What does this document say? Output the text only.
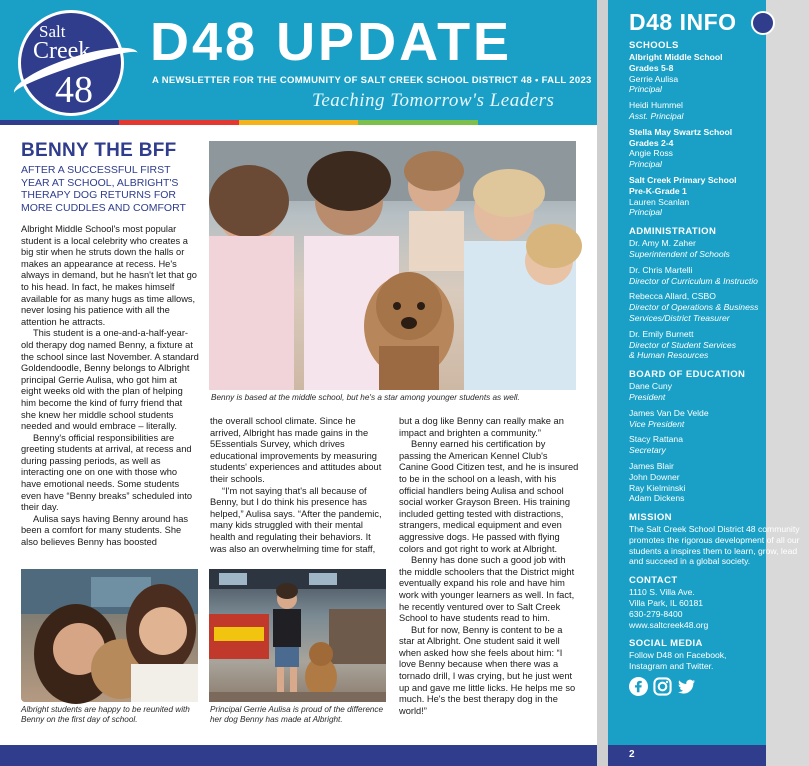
Salt
Creek
48
D48 UPDATE
A NEWSLETTER FOR THE COMMUNITY OF SALT CREEK SCHOOL DISTRICT 48 • FALL 2023
Teaching Tomorrow's Leaders
BENNY THE BFF
AFTER A SUCCESSFUL FIRST YEAR AT SCHOOL, ALBRIGHT'S THERAPY DOG RETURNS FOR MORE CUDDLES AND COMFORT

Albright Middle School's most popular student is a local celebrity who creates a big stir when he struts down the halls or makes an appearance at recess. He's always in demand, but he hasn't let that go to his head. In fact, he makes himself available for as many hugs as time allows, never losing his patience with all the attention he attracts.

This student is a one-and-a-half-year-old therapy dog named Benny, a fixture at the school since last November. A standard Goldendoodle, Benny belongs to Albright principal Gerrie Aulisa, who got him at eight weeks old with the plan of helping him become the kind of furry friend that she knew her middle school students needed and would embrace – literally.

Benny's official responsibilities are greeting students at arrival, at recess and during passing periods, as well as interacting one on one with those who have emotional needs. Some students even have “Benny breaks” scheduled into their day.

Aulisa says having Benny around has been a comfort for many students. She also believes Benny has boosted

Benny is based at the middle school, but he's a star among younger students as well.

the overall school climate. Since he arrived, Albright has made gains in the 5Essentials Survey, which drives educational improvements by measuring students' experiences and attitudes about their schools.

“I'm not saying that's all because of Benny, but I do think his presence has helped,” Aulisa says. “After the pandemic, many kids struggled with their mental health and regulating their behaviors. It was also an overwhelming time for staff,

but a dog like Benny can really make an impact and brighten a community.”

Benny earned his certification by passing the American Kennel Club's Canine Good Citizen test, and he is insured to be in the school on a leash, with his official handlers being Aulisa and school social worker Grayson Breen. His training included getting tested with distractions, strangers, medical equipment and even aggressive dogs. He passed with flying colors and got right to work at Albright.

Benny has done such a good job with the middle schoolers that the District might eventually expand his role and have him work with younger learners as well. In fact, he recently ventured over to Salt Creek School to have students read to him.

But for now, Benny is content to be a star at Albright. One student said it well when asked how she feels about him: “I love Benny because when there was a tornado drill, I was crying, but he just went up and gave me little licks. He helps me so much. He's the best therapy dog in the world!”

Albright students are happy to be reunited with Benny on the first day of school.
Principal Gerrie Aulisa is proud of the difference her dog Benny has made at Albright.
D48 INFO
SCHOOLS
Albright Middle School
Grades 5-8
Gerrie Aulisa
Principal
Heidi Hummel
Asst. Principal
Stella May Swartz School
Grades 2-4
Angie Ross
Principal
Salt Creek Primary School
Pre-K-Grade 1
Lauren Scanlan
Principal
ADMINISTRATION
Dr. Amy M. Zaher
Superintendent of Schools
Dr. Chris Martelli
Director of Curriculum & Instructio
Rebecca Allard, CSBO
Director of Operations & Business
Services/District Treasurer
Dr. Emily Burnett
Director of Student Services
& Human Resources
BOARD OF EDUCATION
Dane Cuny
President
James Van De Velde
Vice President
Stacy Rattana
Secretary
James Blair
John Downer
Ray Kielminski
Adam Dickens
MISSION
The Salt Creek School District 48 community promotes the rigorous development of all our students a inspires them to learn, grow, lead and succeed in a global society.
CONTACT
1110 S. Villa Ave.
Villa Park, IL 60181
630-279-8400
www.saltcreek48.org
SOCIAL MEDIA
Follow D48 on Facebook, Instagram and Twitter.
2
